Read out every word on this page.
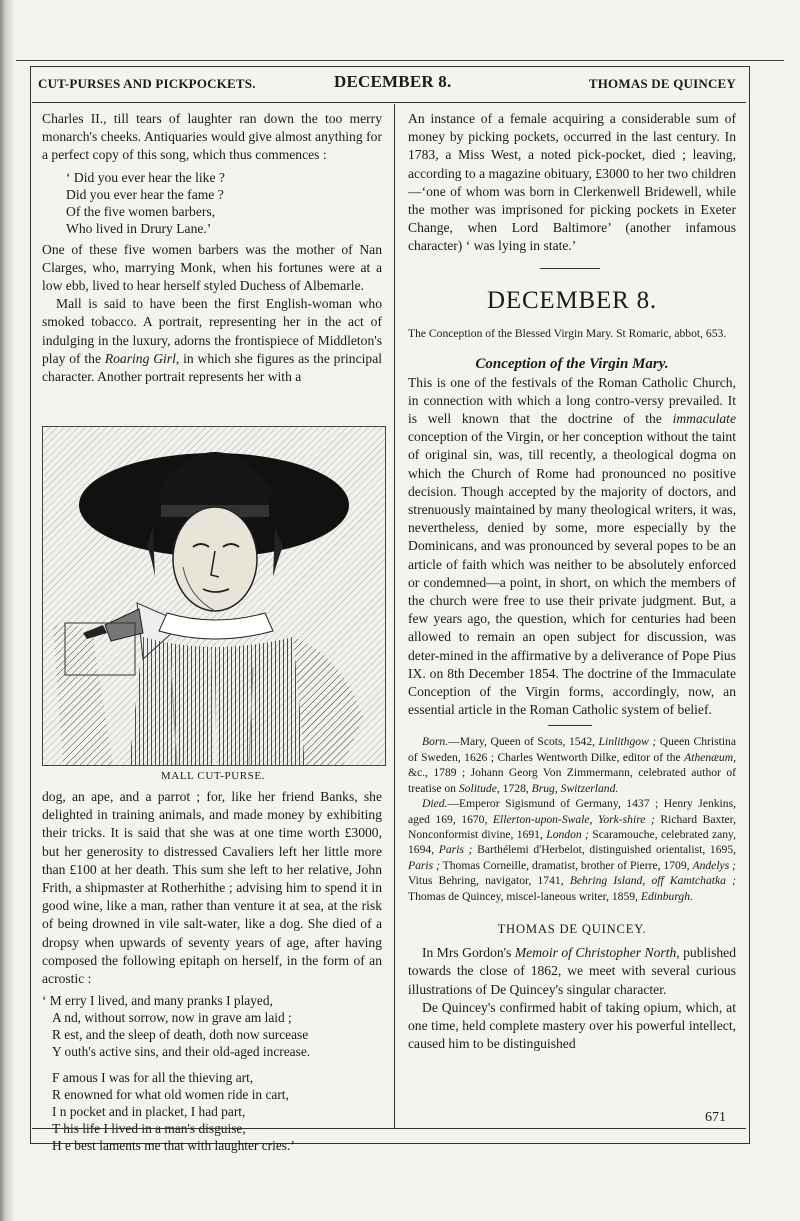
CUT-PURSES AND PICKPOCKETS.	DECEMBER 8.	THOMAS DE QUINCEY

Charles II., till tears of laughter ran down the too merry monarch's cheeks. Antiquaries would give almost anything for a perfect copy of this song, which thus commences :

‘ Did you ever hear the like ?
Did you ever hear the fame ?
Of the five women barbers,
Who lived in Drury Lane.’

One of these five women barbers was the mother of Nan Clarges, who, marrying Monk, when his fortunes were at a low ebb, lived to hear herself styled Duchess of Albemarle.

Mall is said to have been the first English-woman who smoked tobacco. A portrait, representing her in the act of indulging in the luxury, adorns the frontispiece of Middleton's play of the Roaring Girl, in which she figures as the principal character. Another portrait represents her with a

MALL CUT-PURSE.

dog, an ape, and a parrot ; for, like her friend Banks, she delighted in training animals, and made money by exhibiting their tricks. It is said that she was at one time worth £3000, but her generosity to distressed Cavaliers left her little more than £100 at her death. This sum she left to her relative, John Frith, a shipmaster at Rotherhithe ; advising him to spend it in good wine, like a man, rather than venture it at sea, at the risk of being drowned in vile salt-water, like a dog. She died of a dropsy when upwards of seventy years of age, after having composed the following epitaph on herself, in the form of an acrostic :

‘ M erry I lived, and many pranks I played,
A nd, without sorrow, now in grave am laid ;
R est, and the sleep of death, doth now surcease
Y outh's active sins, and their old-aged increase.
F amous I was for all the thieving art,
R enowned for what old women ride in cart,
I n pocket and in placket, I had part,
T his life I lived in a man's disguise,
H e best laments me that with laughter cries.’

An instance of a female acquiring a considerable sum of money by picking pockets, occurred in the last century. In 1783, a Miss West, a noted pick-pocket, died ; leaving, according to a magazine obituary, £3000 to her two children—‘one of whom was born in Clerkenwell Bridewell, while the mother was imprisoned for picking pockets in Exeter Change, when Lord Baltimore’ (another infamous character) ‘ was lying in state.’

DECEMBER 8.

The Conception of the Blessed Virgin Mary. St Romaric, abbot, 653.

Conception of the Virgin Mary.

This is one of the festivals of the Roman Catholic Church, in connection with which a long contro-versy prevailed. It is well known that the doctrine of the immaculate conception of the Virgin, or her conception without the taint of original sin, was, till recently, a theological dogma on which the Church of Rome had pronounced no positive decision. Though accepted by the majority of doctors, and strenuously maintained by many theological writers, it was, nevertheless, denied by some, more especially by the Dominicans, and was pronounced by several popes to be an article of faith which was neither to be absolutely enforced or condemned—a point, in short, on which the members of the church were free to use their private judgment. But, a few years ago, the question, which for centuries had been allowed to remain an open subject for discussion, was deter-mined in the affirmative by a deliverance of Pope Pius IX. on 8th December 1854. The doctrine of the Immaculate Conception of the Virgin forms, accordingly, now, an essential article in the Roman Catholic system of belief.

Born.—Mary, Queen of Scots, 1542, Linlithgow ; Queen Christina of Sweden, 1626 ; Charles Wentworth Dilke, editor of the Athenæum, &c., 1789 ; Johann Georg Von Zimmermann, celebrated author of treatise on Solitude, 1728, Brug, Switzerland.

Died.—Emperor Sigismund of Germany, 1437 ; Henry Jenkins, aged 169, 1670, Ellerton-upon-Swale, York-shire ; Richard Baxter, Nonconformist divine, 1691, London ; Scaramouche, celebrated zany, 1694, Paris ; Barthélemi d'Herbelot, distinguished orientalist, 1695, Paris ; Thomas Corneille, dramatist, brother of Pierre, 1709, Andelys ; Vitus Behring, navigator, 1741, Behring Island, off Kamtchatka ; Thomas de Quincey, miscel-laneous writer, 1859, Edinburgh.

THOMAS DE QUINCEY.

In Mrs Gordon's Memoir of Christopher North, published towards the close of 1862, we meet with several curious illustrations of De Quincey's singular character.

De Quincey's confirmed habit of taking opium, which, at one time, held complete mastery over his powerful intellect, caused him to be distinguished

671
